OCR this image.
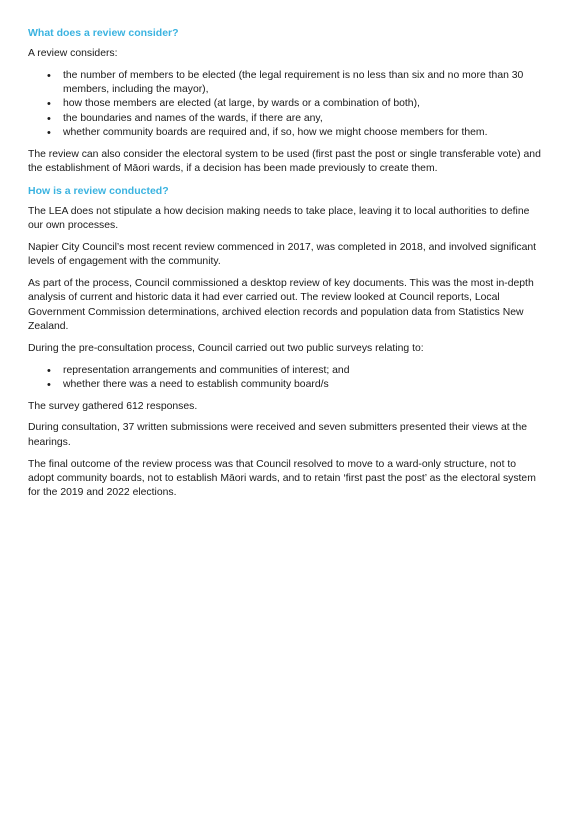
What does a review consider?

A review considers:

• the number of members to be elected (the legal requirement is no less than six and no more than 30 members, including the mayor),
• how those members are elected (at large, by wards or a combination of both),
• the boundaries and names of the wards, if there are any,
• whether community boards are required and, if so, how we might choose members for them.

The review can also consider the electoral system to be used (first past the post or single transferable vote) and the establishment of Māori wards, if a decision has been made previously to create them.

How is a review conducted?

The LEA does not stipulate a how decision making needs to take place, leaving it to local authorities to define our own processes.

Napier City Council’s most recent review commenced in 2017, was completed in 2018, and involved significant levels of engagement with the community.

As part of the process, Council commissioned a desktop review of key documents. This was the most in-depth analysis of current and historic data it had ever carried out. The review looked at Council reports, Local Government Commission determinations, archived election records and population data from Statistics New Zealand.

During the pre-consultation process, Council carried out two public surveys relating to:

• representation arrangements and communities of interest; and
• whether there was a need to establish community board/s

The survey gathered 612 responses.

During consultation, 37 written submissions were received and seven submitters presented their views at the hearings.

The final outcome of the review process was that Council resolved to move to a ward-only structure, not to adopt community boards, not to establish Māori wards, and to retain ‘first past the post’ as the electoral system for the 2019 and 2022 elections.
